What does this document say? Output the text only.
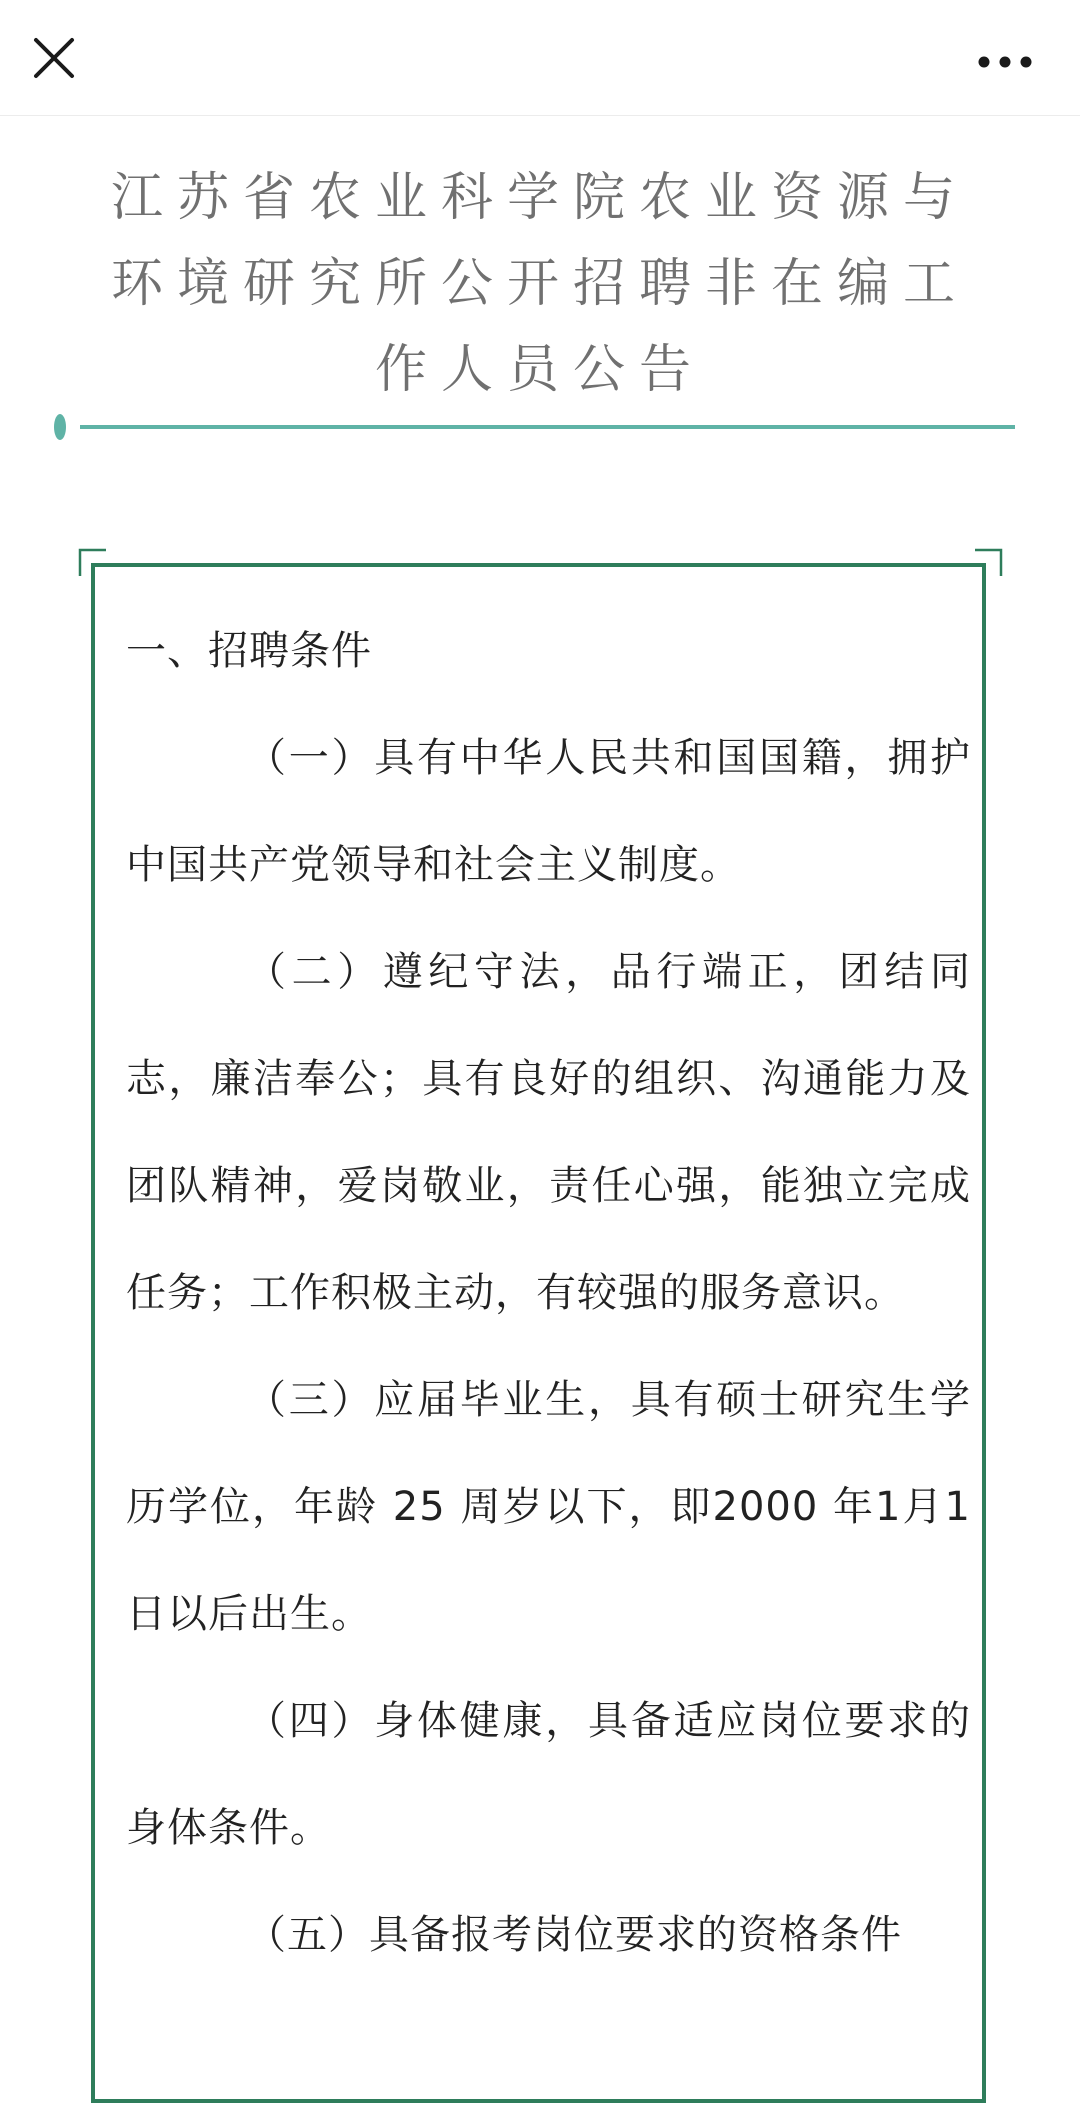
江苏省农业科学院农业资源与环境研究所公开招聘非在编工作人员公告

一、招聘条件

（一）具有中华人民共和国国籍，拥护中国共产党领导和社会主义制度。

（二）遵纪守法，品行端正，团结同志，廉洁奉公；具有良好的组织、沟通能力及团队精神，爱岗敬业，责任心强，能独立完成任务；工作积极主动，有较强的服务意识。

（三）应届毕业生，具有硕士研究生学历学位，年龄 25 周岁以下，即2000 年1月1日以后出生。

（四）身体健康，具备适应岗位要求的身体条件。

（五）具备报考岗位要求的资格条件
